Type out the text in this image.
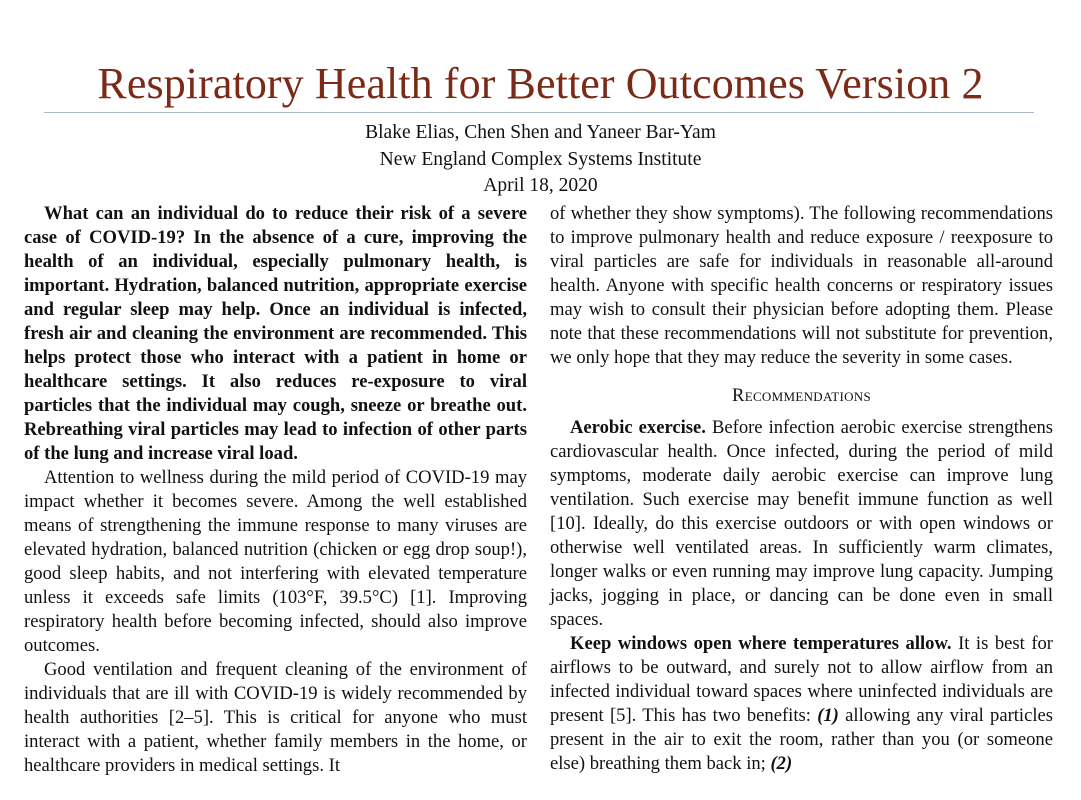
Respiratory Health for Better Outcomes Version 2
Blake Elias, Chen Shen and Yaneer Bar-Yam
New England Complex Systems Institute
April 18, 2020

What can an individual do to reduce their risk of a severe case of COVID-19? In the absence of a cure, improving the health of an individual, especially pulmonary health, is important. Hydration, balanced nutrition, appropriate exercise and regular sleep may help. Once an individual is infected, fresh air and cleaning the environment are recommended. This helps protect those who interact with a patient in home or healthcare settings. It also reduces re-exposure to viral particles that the individual may cough, sneeze or breathe out. Rebreathing viral particles may lead to infection of other parts of the lung and increase viral load.

Attention to wellness during the mild period of COVID-19 may impact whether it becomes severe. Among the well established means of strengthening the immune response to many viruses are elevated hydration, balanced nutrition (chicken or egg drop soup!), good sleep habits, and not interfering with elevated temperature unless it exceeds safe limits (103°F, 39.5°C) [1]. Improving respiratory health before becoming infected, should also improve outcomes.

Good ventilation and frequent cleaning of the environment of individuals that are ill with COVID-19 is widely recommended by health authorities [2–5]. This is critical for anyone who must interact with a patient, whether family members in the home, or healthcare providers in medical settings. It

of whether they show symptoms). The following recommendations to improve pulmonary health and reduce exposure / reexposure to viral particles are safe for individuals in reasonable all-around health. Anyone with specific health concerns or respiratory issues may wish to consult their physician before adopting them. Please note that these recommendations will not substitute for prevention, we only hope that they may reduce the severity in some cases.

Recommendations

Aerobic exercise. Before infection aerobic exercise strengthens cardiovascular health. Once infected, during the period of mild symptoms, moderate daily aerobic exercise can improve lung ventilation. Such exercise may benefit immune function as well [10]. Ideally, do this exercise outdoors or with open windows or otherwise well ventilated areas. In sufficiently warm climates, longer walks or even running may improve lung capacity. Jumping jacks, jogging in place, or dancing can be done even in small spaces.

Keep windows open where temperatures allow. It is best for airflows to be outward, and surely not to allow airflow from an infected individual toward spaces where uninfected individuals are present [5]. This has two benefits: (1) allowing any viral particles present in the air to exit the room, rather than you (or someone else) breathing them back in; (2)
